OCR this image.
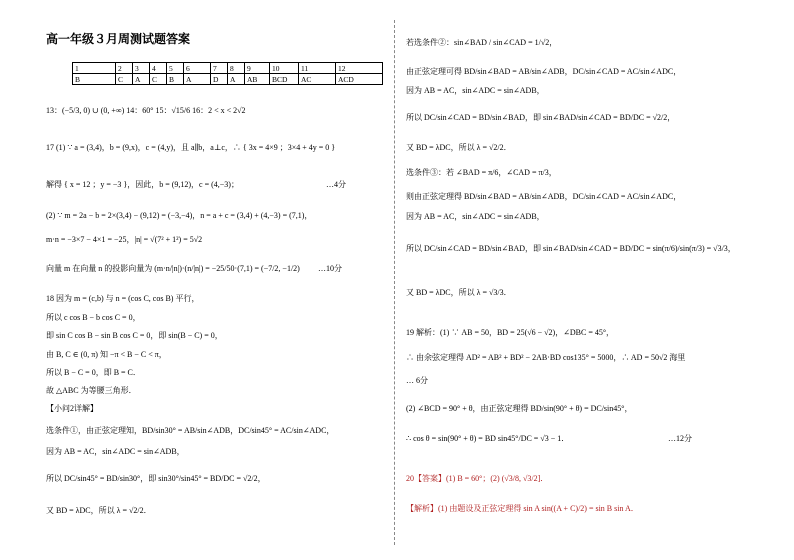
高一年级３月周测试题答案
1	2	3	4	5	6	7	8	9	10	11	12
B	C	A	C	B	A	D	A	AB	BCD	AC	ACD
13：(−5/3, 0) ∪ (0, +∞) 14：60° 15：√15/6 16：2 < x < 2√2
17 (1) ∵ a = (3,4)，b = (9,x)，c = (4,y)，且 a∥b，a⊥c，∴ { 3x = 4×9 ；3×4 + 4y = 0 }
解得 { x = 12 ；y = −3 }，因此，b = (9,12)，c = (4,−3)；	…4分
(2) ∵ m = 2a − b = 2×(3,4) − (9,12) = (−3,−4)，n = a + c = (3,4) + (4,−3) = (7,1)，
m·n = −3×7 − 4×1 = −25，|n| = √(7² + 1²) = 5√2
向量 m 在向量 n 的投影向量为 (m·n/|n|)·(n/|n|) = −25/50·(7,1) = (−7/2, −1/2) …10分
18 因为 m = (c,b) 与 n = (cos C, cos B) 平行，
所以 c cos B − b cos C = 0，
即 sin C cos B − sin B cos C = 0，即 sin(B − C) = 0，
由 B, C ∈ (0, π) 知 −π < B − C < π，
所以 B − C = 0，即 B = C．
故 △ABC 为等腰三角形．
【小问2详解】
选条件①，由正弦定理知，BD/sin30° = AB/sin∠ADB，DC/sin45° = AC/sin∠ADC，
因为 AB = AC，sin∠ADC = sin∠ADB，
所以 DC/sin45° = BD/sin30°，即 sin30°/sin45° = BD/DC = √2/2，
又 BD = λDC，所以 λ = √2/2．
若选条件②：sin∠BAD / sin∠CAD = 1/√2，
由正弦定理可得 BD/sin∠BAD = AB/sin∠ADB，DC/sin∠CAD = AC/sin∠ADC，
因为 AB = AC，sin∠ADC = sin∠ADB，
所以 DC/sin∠CAD = BD/sin∠BAD，即 sin∠BAD/sin∠CAD = BD/DC = √2/2，
又 BD = λDC，所以 λ = √2/2．
选条件③：若 ∠BAD = π/6，∠CAD = π/3，
则由正弦定理得 BD/sin∠BAD = AB/sin∠ADB，DC/sin∠CAD = AC/sin∠ADC，
因为 AB = AC，sin∠ADC = sin∠ADB，
所以 DC/sin∠CAD = BD/sin∠BAD，即 sin∠BAD/sin∠CAD = BD/DC = sin(π/6)/sin(π/3) = √3/3，
又 BD = λDC，所以 λ = √3/3．
19 解析：(1) ∵ AB = 50，BD = 25(√6 − √2)，∠DBC = 45°，
∴ 由余弦定理得 AD² = AB² + BD² − 2AB·BD cos135° = 5000，∴ AD = 50√2 海里
… 6分
(2) ∠BCD = 90° + θ，由正弦定理得 BD/sin(90° + θ) = DC/sin45°，
∴ cos θ = sin(90° + θ) = BD sin45°/DC = √3 − 1．	…12分
20【答案】(1) B = 60°；(2) (√3/8, √3/2]．
【解析】(1) 由题设及正弦定理得 sin A sin((A + C)/2) = sin B sin A．
